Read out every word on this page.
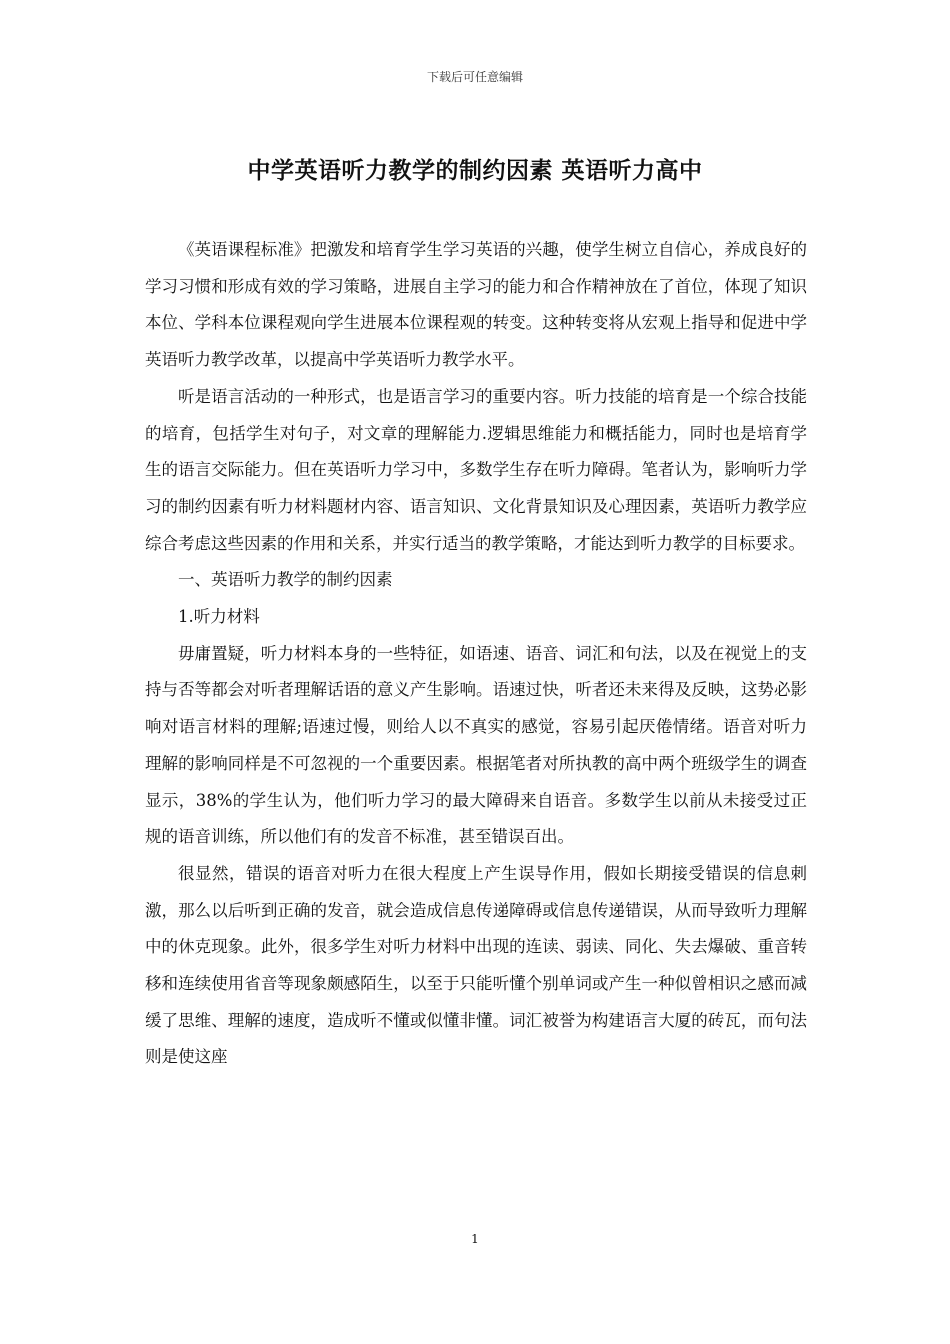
下载后可任意编辑
中学英语听力教学的制约因素 英语听力高中

《英语课程标准》把激发和培育学生学习英语的兴趣，使学生树立自信心，养成良好的学习习惯和形成有效的学习策略，进展自主学习的能力和合作精神放在了首位，体现了知识本位、学科本位课程观向学生进展本位课程观的转变。这种转变将从宏观上指导和促进中学英语听力教学改革，以提高中学英语听力教学水平。

听是语言活动的一种形式，也是语言学习的重要内容。听力技能的培育是一个综合技能的培育，包括学生对句子，对文章的理解能力.逻辑思维能力和概括能力，同时也是培育学生的语言交际能力。但在英语听力学习中，多数学生存在听力障碍。笔者认为，影响听力学习的制约因素有听力材料题材内容、语言知识、文化背景知识及心理因素，英语听力教学应综合考虑这些因素的作用和关系，并实行适当的教学策略，才能达到听力教学的目标要求。

一、英语听力教学的制约因素

1.听力材料

毋庸置疑，听力材料本身的一些特征，如语速、语音、词汇和句法，以及在视觉上的支持与否等都会对听者理解话语的意义产生影响。语速过快，听者还未来得及反映，这势必影响对语言材料的理解;语速过慢，则给人以不真实的感觉，容易引起厌倦情绪。语音对听力理解的影响同样是不可忽视的一个重要因素。根据笔者对所执教的高中两个班级学生的调查显示，38%的学生认为，他们听力学习的最大障碍来自语音。多数学生以前从未接受过正规的语音训练，所以他们有的发音不标准，甚至错误百出。

很显然，错误的语音对听力在很大程度上产生误导作用，假如长期接受错误的信息刺激，那么以后听到正确的发音，就会造成信息传递障碍或信息传递错误，从而导致听力理解中的休克现象。此外，很多学生对听力材料中出现的连读、弱读、同化、失去爆破、重音转移和连续使用省音等现象颇感陌生，以至于只能听懂个别单词或产生一种似曾相识之感而减缓了思维、理解的速度，造成听不懂或似懂非懂。词汇被誉为构建语言大厦的砖瓦，而句法则是使这座

1
